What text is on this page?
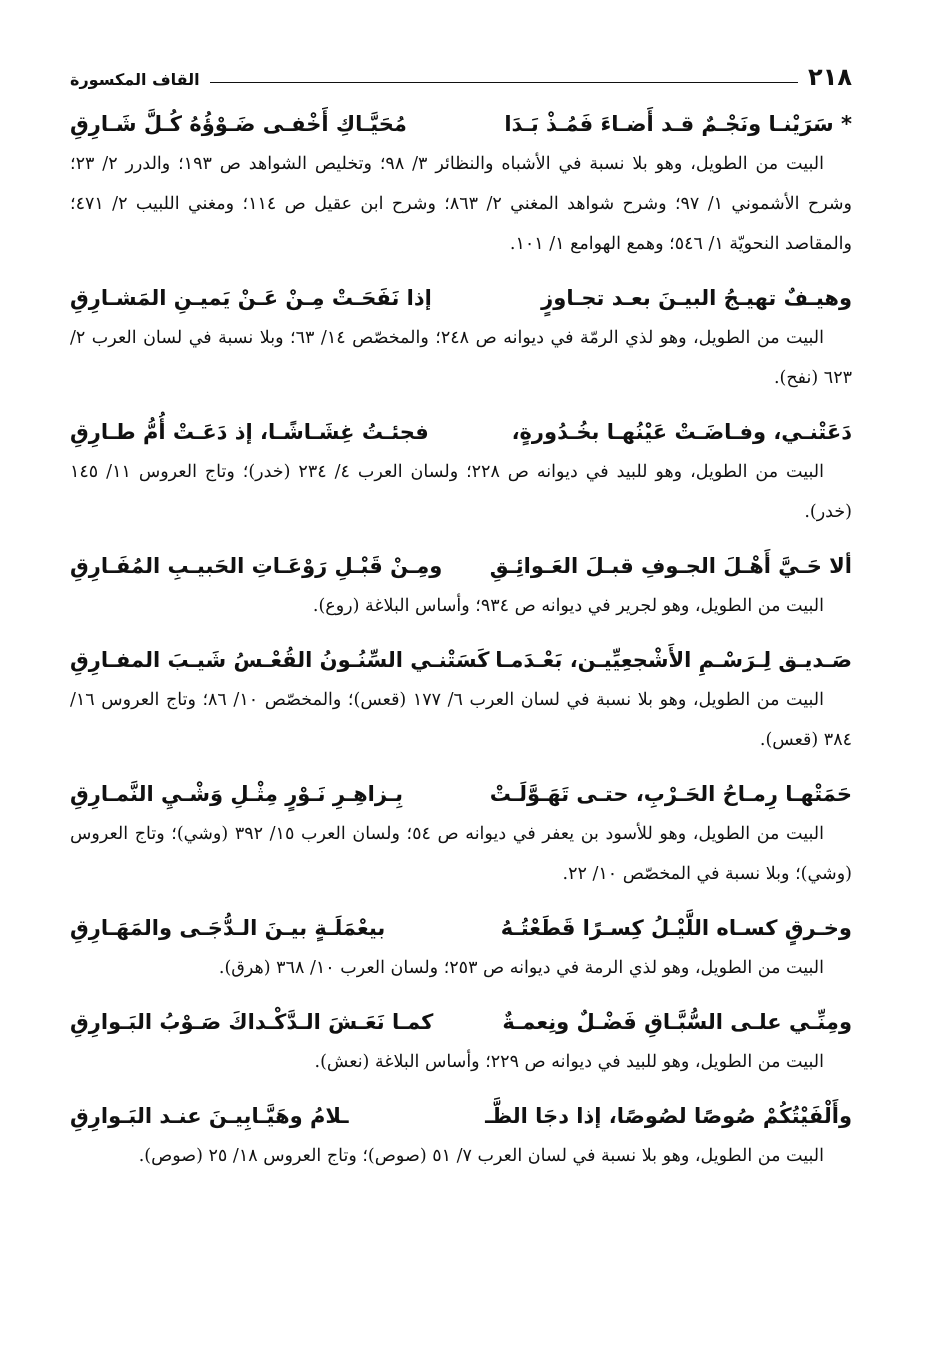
٢١٨
القاف المكسورة
* سَرَيْنـا ونَجْـمٌ قـد أَضـاءَ فَمُـذْ بَـدَا
مُحَيَّـاكِ أَخْفـى ضَـوْؤُهُ كُـلَّ شَـارِقِ

البيت من الطويل، وهو بلا نسبة في الأشباه والنظائر ٣/ ٩٨؛ وتخليص الشواهد ص ١٩٣؛ والدرر ٢/ ٢٣؛ وشرح الأشموني ١/ ٩٧؛ وشرح شواهد المغني ٢/ ٨٦٣؛ وشرح ابن عقيل ص ١١٤؛ ومغني اللبيب ٢/ ٤٧١؛ والمقاصد النحويّة ١/ ٥٤٦؛ وهمع الهوامع ١/ ١٠١.

وهيـفٌ تهيـجُ البيـنَ بعـد تجـاوزٍ
إذا نَفَحَـتْ مِـنْ عَـنْ يَميـنِ المَشـارِقِ

البيت من الطويل، وهو لذي الرمّة في ديوانه ص ٢٤٨؛ والمخصّص ١٤/ ٦٣؛ وبلا نسبة في لسان العرب ٢/ ٦٢٣ (نفح).

دَعَتْنـي، وفـاضَـتْ عَيْنُهـا بخُـدُورةٍ،
فجئـتُ غِشَـاشًـا، إذ دَعَـتْ أُمُّ طـارِقِ

البيت من الطويل، وهو للبيد في ديوانه ص ٢٢٨؛ ولسان العرب ٤/ ٢٣٤ (خدر)؛ وتاج العروس ١١/ ١٤٥ (خدر).

ألا حَـيَّ أَهْـلَ الجـوفِ قبـلَ العَـوائِـقِ
ومِـنْ قَبْـلِ رَوْعَـاتِ الحَبيـبِ المُفَـارِقِ

البيت من الطويل، وهو لجرير في ديوانه ص ٩٣٤؛ وأساس البلاغة (روع).

صَـديـق لِـرَسْـمِ الأَشْجعِيِّيـن، بَعْـدَمـا
كَسَتْنـي السِّنُـونُ القُعْـسُ شَيـبَ المفـارِقِ

البيت من الطويل، وهو بلا نسبة في لسان العرب ٦/ ١٧٧ (قعس)؛ والمخصّص ١٠/ ٨٦؛ وتاج العروس ١٦/ ٣٨٤ (قعس).

حَمَتْهـا رِمـاحُ الحَـرْبِ، حتـى تَهَـوَّلَـتْ
بِـزاهِـرِ نَـوْرٍ مِثْـلِ وَشْـيِ النَّمـارِقِ

البيت من الطويل، وهو للأسود بن يعفر في ديوانه ص ٥٤؛ ولسان العرب ١٥/ ٣٩٢ (وشي)؛ وتاج العروس (وشي)؛ وبلا نسبة في المخصّص ١٠/ ٢٢.

وخـرقٍ كسـاه اللَّيْـلُ كِسـرًا قَطَعْتُـهُ
بيعْمَلَـةٍ بيـنَ الـدُّجَـى والمَهَـارِقِ

البيت من الطويل، وهو لذي الرمة في ديوانه ص ٢٥٣؛ ولسان العرب ١٠/ ٣٦٨ (هرق).

ومِنِّـي علـى السُّبَّـاقِ فَضْـلٌ ونِعمـةٌ
كمـا نَعَـشَ الـدَّكْـداكَ صَـوْبُ البَـوارِقِ

البيت من الطويل، وهو للبيد في ديوانه ص ٢٢٩؛ وأساس البلاغة (نعش).

وأَلْفَيْتُكُمْ صُوصًا لصُوصًا، إذا دجَا الظَّـ
ـلامُ وهَيَّـابِيـنَ عنـد البَـوارِقِ

البيت من الطويل، وهو بلا نسبة في لسان العرب ٧/ ٥١ (صوص)؛ وتاج العروس ١٨/ ٢٥ (صوص).
